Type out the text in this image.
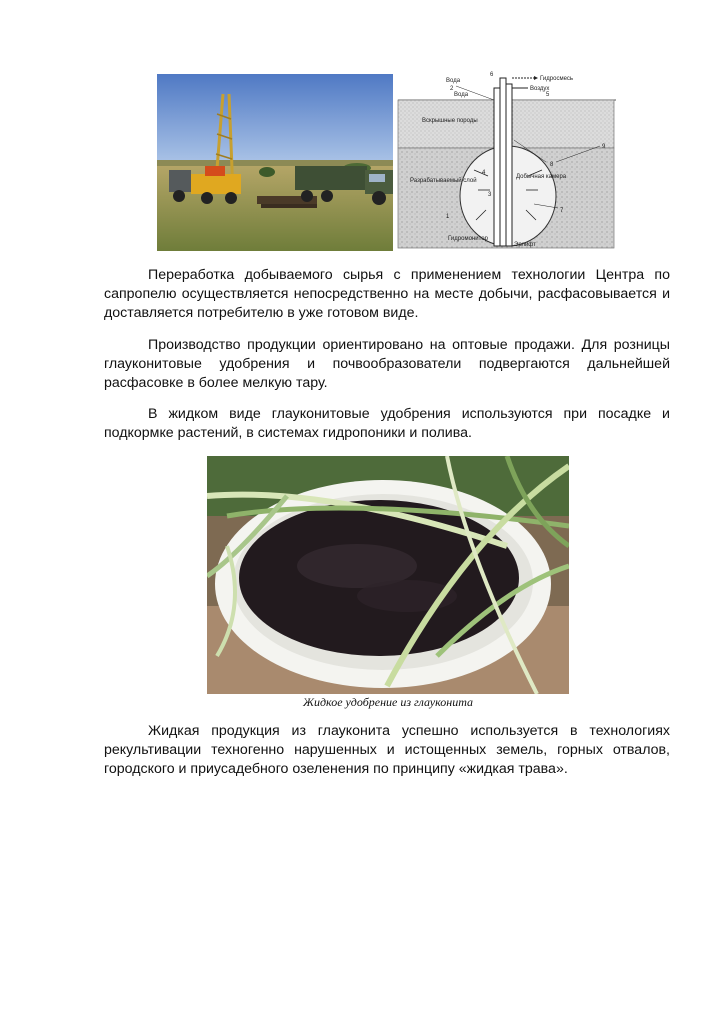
Вода
Вода
Гидросмесь
Воздух
Вскрышные породы
Разрабатываемый слой
Добычная камера
Гидромонитор
Эрлифт
1
2
3
4
5
6
7
8
9

Переработка добываемого сырья с применением технологии Центра по сапропелю осуществляется непосредственно на месте добычи, расфасовывается и доставляется потребителю в уже готовом виде.

Производство продукции ориентировано на оптовые продажи. Для розницы глауконитовые удобрения и почвообразователи подвергаются дальнейшей расфасовке в более мелкую тару.

В жидком виде глауконитовые удобрения используются при посадке и подкормке растений, в системах гидропоники и полива.

Жидкое удобрение из глауконита

Жидкая продукция из глауконита успешно используется в технологиях рекультивации техногенно нарушенных и истощенных земель, горных отвалов, городского и приусадебного озеленения по принципу «жидкая трава».
